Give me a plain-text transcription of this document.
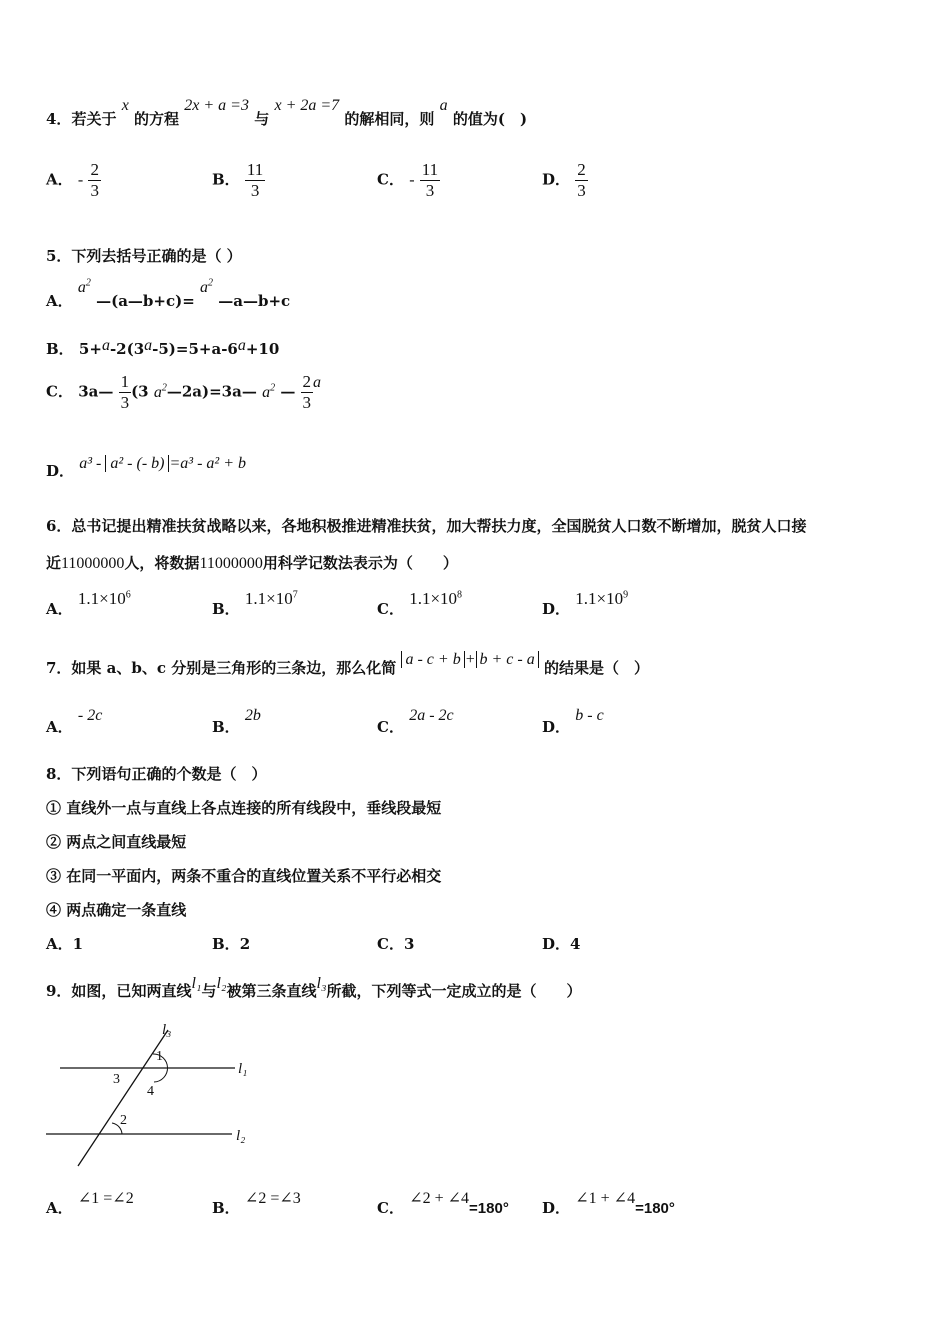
4．若关于 x 的方程 2x + a =3 与 x + 2a =7 的解相同，则 a 的值为(　)
A． - $\frac{2}{3}$	B． $\frac{11}{3}$	C． - $\frac{11}{3}$	D． $\frac{2}{3}$
5．下列去括号正确的是（ ）
A． $a^2$ —(a—b+c)= $a^2$ —a—b+c
B． 5+a-2(3a-5)=5+a-6a+10
C． 3a— $\frac{1}{3} (3$ $a^2—2a)=3a—$ $a^2$ — $\frac{2}{3}$ a
D． a³ - a² - (- b) =a³ - a² + b
6．总书记提出精准扶贫战略以来，各地积极推进精准扶贫，加大帮扶力度，全国脱贫人口数不断增加，脱贫人口接
近11000000人，将数据11000000用科学记数法表示为（　　）
A． $1.1\times 10^6$
B． $1.1\times 10^7$
C． $1.1\times 10^8$
D． $1.1\times 10^9$
7．如果 a、b、c 分别是三角形的三条边，那么化简 a - c + b + b + c - a 的结果是（　）
A． - 2c
B． 2b
C． 2a - 2c
D． b - c
8．下列语句正确的个数是（　）
① 直线外一点与直线上各点连接的所有线段中，垂线段最短
② 两点之间直线最短
③ 在同一平面内，两条不重合的直线位置关系不平行必相交
④ 两点确定一条直线
A．1	B．2	C．3	D．4
9．如图，已知两直线l₁与l₂被第三条直线l₃所截，下列等式一定成立的是（　　）
l₃
l₁
l₂
1
3
4
2
A． ∠1 =∠2
B． ∠2 =∠3
C． ∠2 + ∠4=180° D． ∠1 + ∠4=180°
